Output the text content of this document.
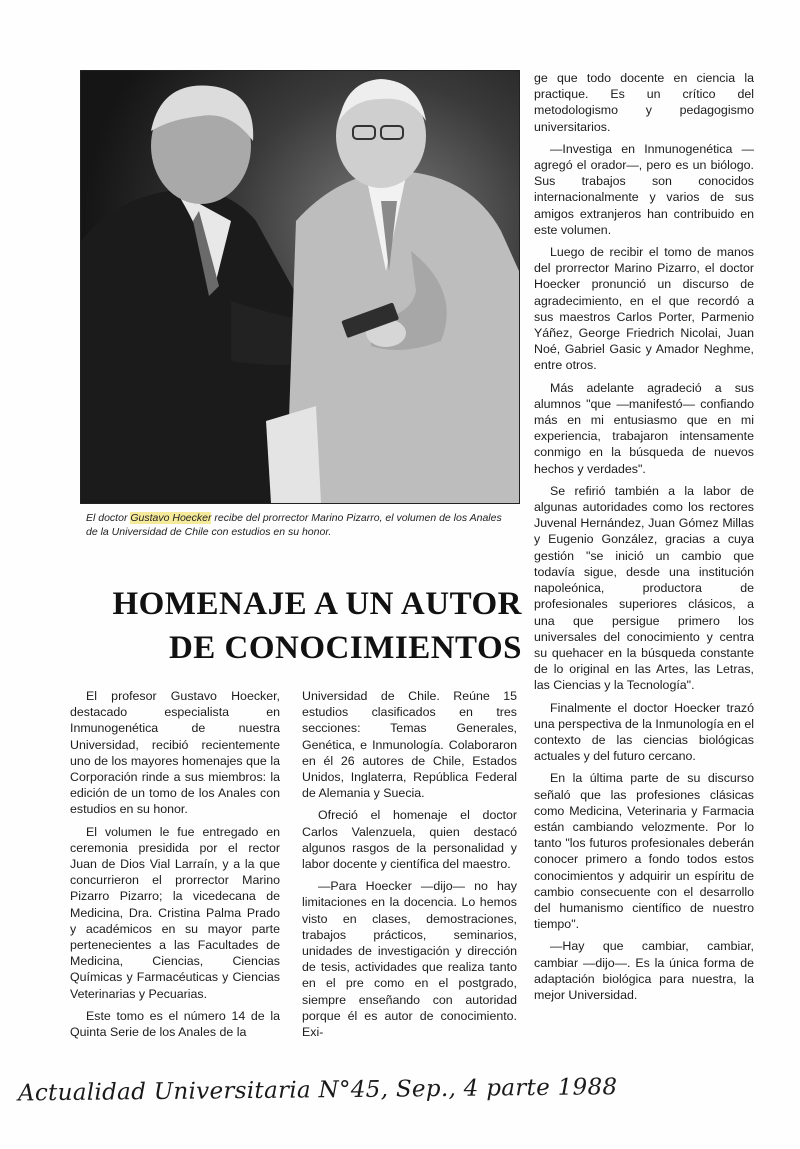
El doctor Gustavo Hoecker recibe del prorrector Marino Pizarro, el volumen de los Anales de la Universidad de Chile con estudios en su honor.

HOMENAJE A UN AUTOR
DE CONOCIMIENTOS

El profesor Gustavo Hoecker, destacado especialista en Inmunogenética de nuestra Universidad, recibió recientemente uno de los mayores homenajes que la Corporación rinde a sus miembros: la edición de un tomo de los Anales con estudios en su honor.

El volumen le fue entregado en ceremonia presidida por el rector Juan de Dios Vial Larraín, y a la que concurrieron el prorrector Marino Pizarro Pizarro; la vicedecana de Medicina, Dra. Cristina Palma Prado y académicos en su mayor parte pertenecientes a las Facultades de Medicina, Ciencias, Ciencias Químicas y Farmacéuticas y Ciencias Veterinarias y Pecuarias.

Este tomo es el número 14 de la Quinta Serie de los Anales de la

Universidad de Chile. Reúne 15 estudios clasificados en tres secciones: Temas Generales, Genética, e Inmunología. Colaboraron en él 26 autores de Chile, Estados Unidos, Inglaterra, República Federal de Alemania y Suecia.

Ofreció el homenaje el doctor Carlos Valenzuela, quien destacó algunos rasgos de la personalidad y labor docente y científica del maestro.

—Para Hoecker —dijo— no hay limitaciones en la docencia. Lo hemos visto en clases, demostraciones, trabajos prácticos, seminarios, unidades de investigación y dirección de tesis, actividades que realiza tanto en el pre como en el postgrado, siempre enseñando con autoridad porque él es autor de conocimiento. Exi-

ge que todo docente en ciencia la practique. Es un crítico del metodologismo y pedagogismo universitarios.

—Investiga en Inmunogenética —agregó el orador—, pero es un biólogo. Sus trabajos son conocidos internacionalmente y varios de sus amigos extranjeros han contribuido en este volumen.

Luego de recibir el tomo de manos del prorrector Marino Pizarro, el doctor Hoecker pronunció un discurso de agradecimiento, en el que recordó a sus maestros Carlos Porter, Parmenio Yáñez, George Friedrich Nicolai, Juan Noé, Gabriel Gasic y Amador Neghme, entre otros.

Más adelante agradeció a sus alumnos "que —manifestó— confiando más en mi entusiasmo que en mi experiencia, trabajaron intensamente conmigo en la búsqueda de nuevos hechos y verdades".

Se refirió también a la labor de algunas autoridades como los rectores Juvenal Hernández, Juan Gómez Millas y Eugenio González, gracias a cuya gestión "se inició un cambio que todavía sigue, desde una institución napoleónica, productora de profesionales superiores clásicos, a una que persigue primero los universales del conocimiento y centra su quehacer en la búsqueda constante de lo original en las Artes, las Letras, las Ciencias y la Tecnología".

Finalmente el doctor Hoecker trazó una perspectiva de la Inmunología en el contexto de las ciencias biológicas actuales y del futuro cercano.

En la última parte de su discurso señaló que las profesiones clásicas como Medicina, Veterinaria y Farmacia están cambiando velozmente. Por lo tanto "los futuros profesionales deberán conocer primero a fondo todos estos conocimientos y adquirir un espíritu de cambio consecuente con el desarrollo del humanismo científico de nuestro tiempo".

—Hay que cambiar, cambiar, cambiar —dijo—. Es la única forma de adaptación biológica para nuestra, la mejor Universidad.

Actualidad Universitaria N°45, Sep., 4 parte 1988
